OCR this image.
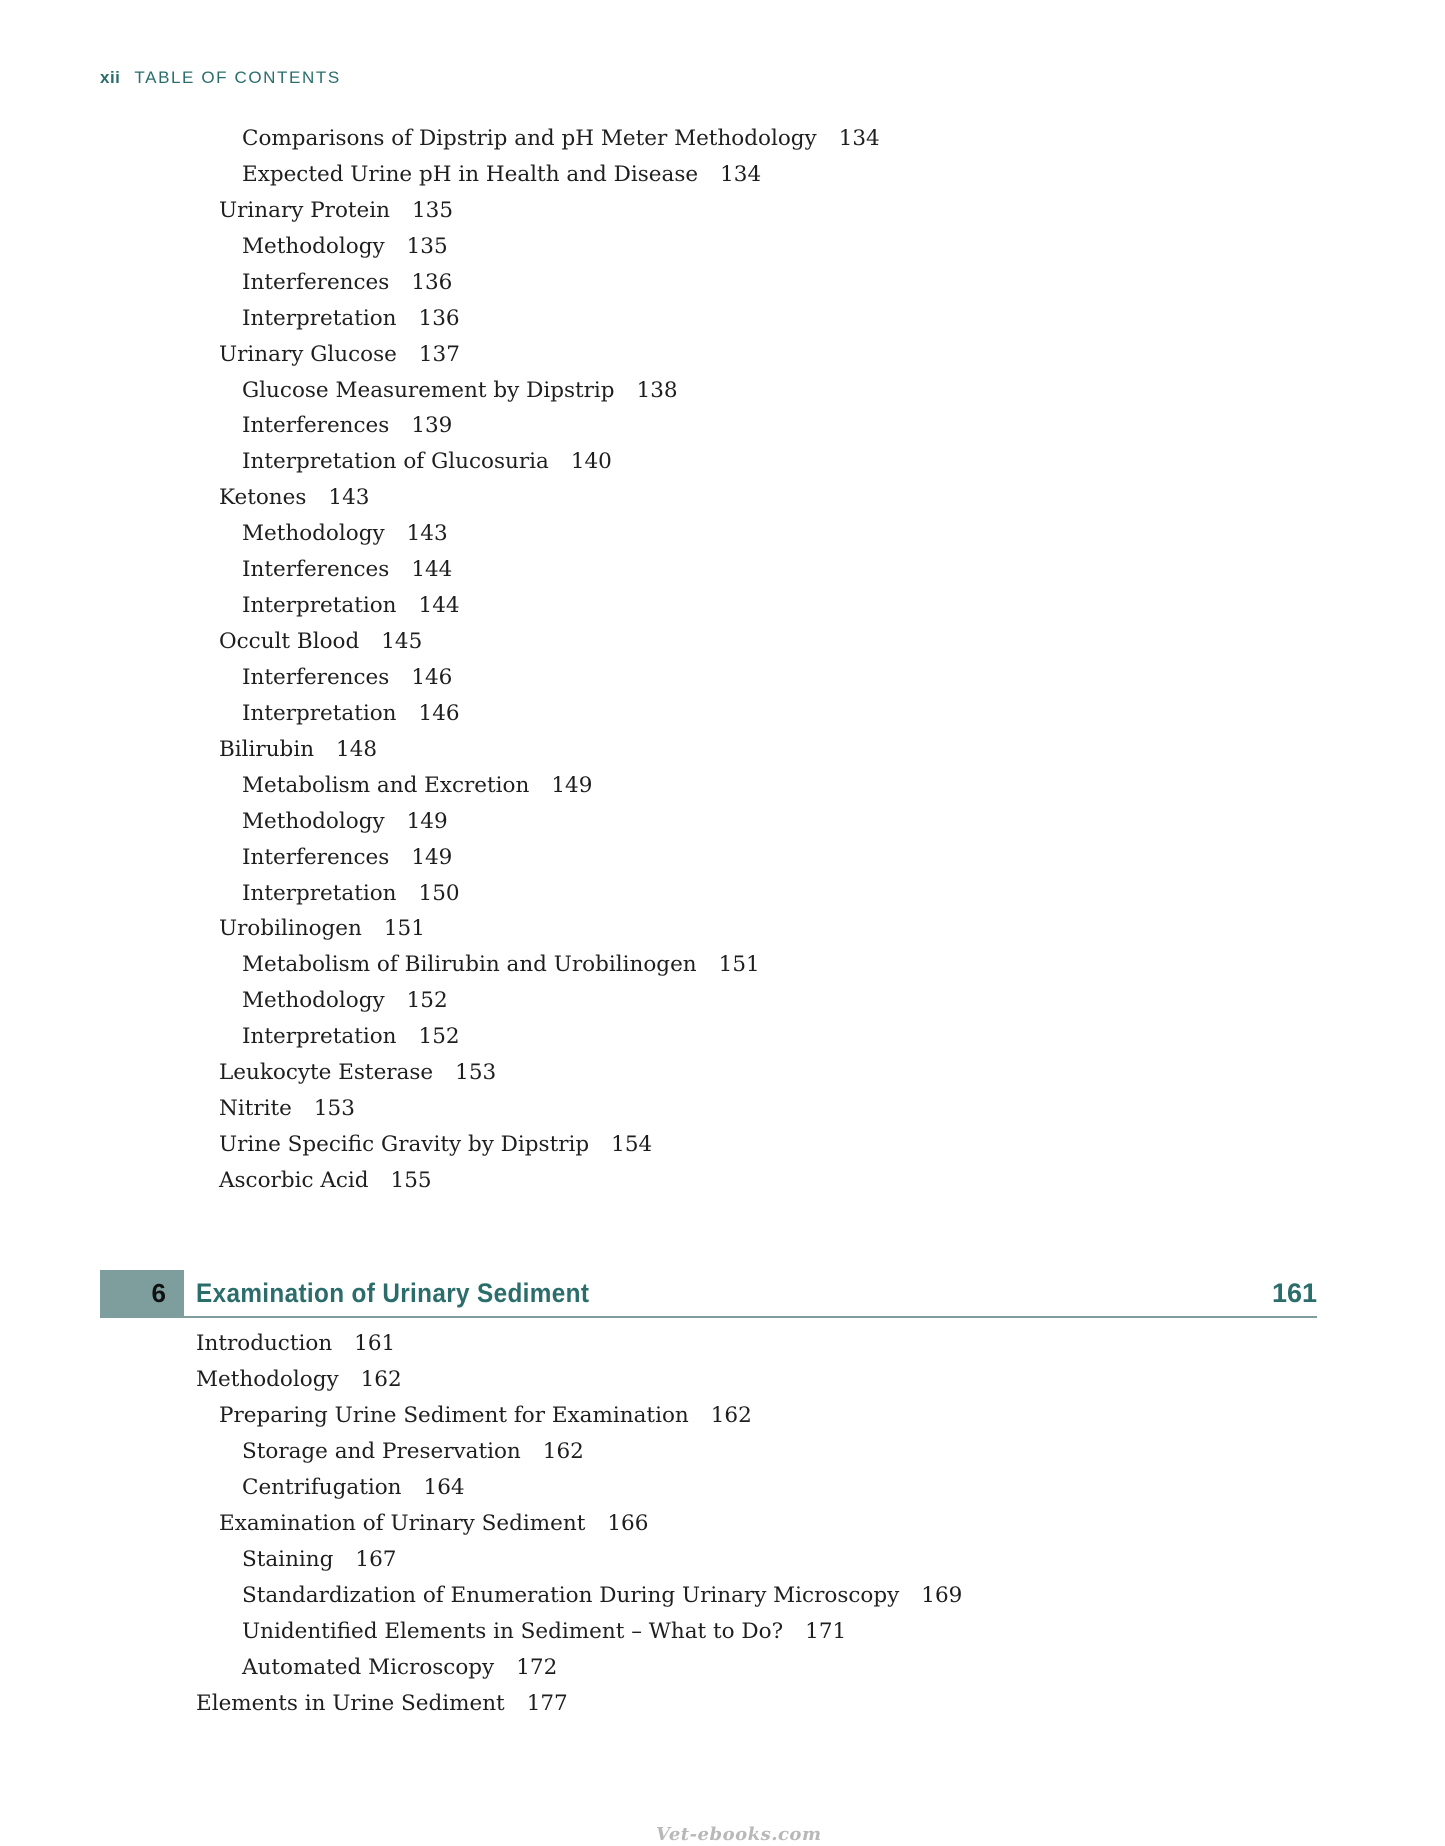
xii TABLE OF CONTENTS
Comparisons of Dipstrip and pH Meter Methodology 134
Expected Urine pH in Health and Disease 134
Urinary Protein 135
Methodology 135
Interferences 136
Interpretation 136
Urinary Glucose 137
Glucose Measurement by Dipstrip 138
Interferences 139
Interpretation of Glucosuria 140
Ketones 143
Methodology 143
Interferences 144
Interpretation 144
Occult Blood 145
Interferences 146
Interpretation 146
Bilirubin 148
Metabolism and Excretion 149
Methodology 149
Interferences 149
Interpretation 150
Urobilinogen 151
Metabolism of Bilirubin and Urobilinogen 151
Methodology 152
Interpretation 152
Leukocyte Esterase 153
Nitrite 153
Urine Specific Gravity by Dipstrip 154
Ascorbic Acid 155
6 Examination of Urinary Sediment	161
Introduction 161
Methodology 162
Preparing Urine Sediment for Examination 162
Storage and Preservation 162
Centrifugation 164
Examination of Urinary Sediment 166
Staining 167
Standardization of Enumeration During Urinary Microscopy 169
Unidentified Elements in Sediment – What to Do? 171
Automated Microscopy 172
Elements in Urine Sediment 177
Vet-ebooks.com
